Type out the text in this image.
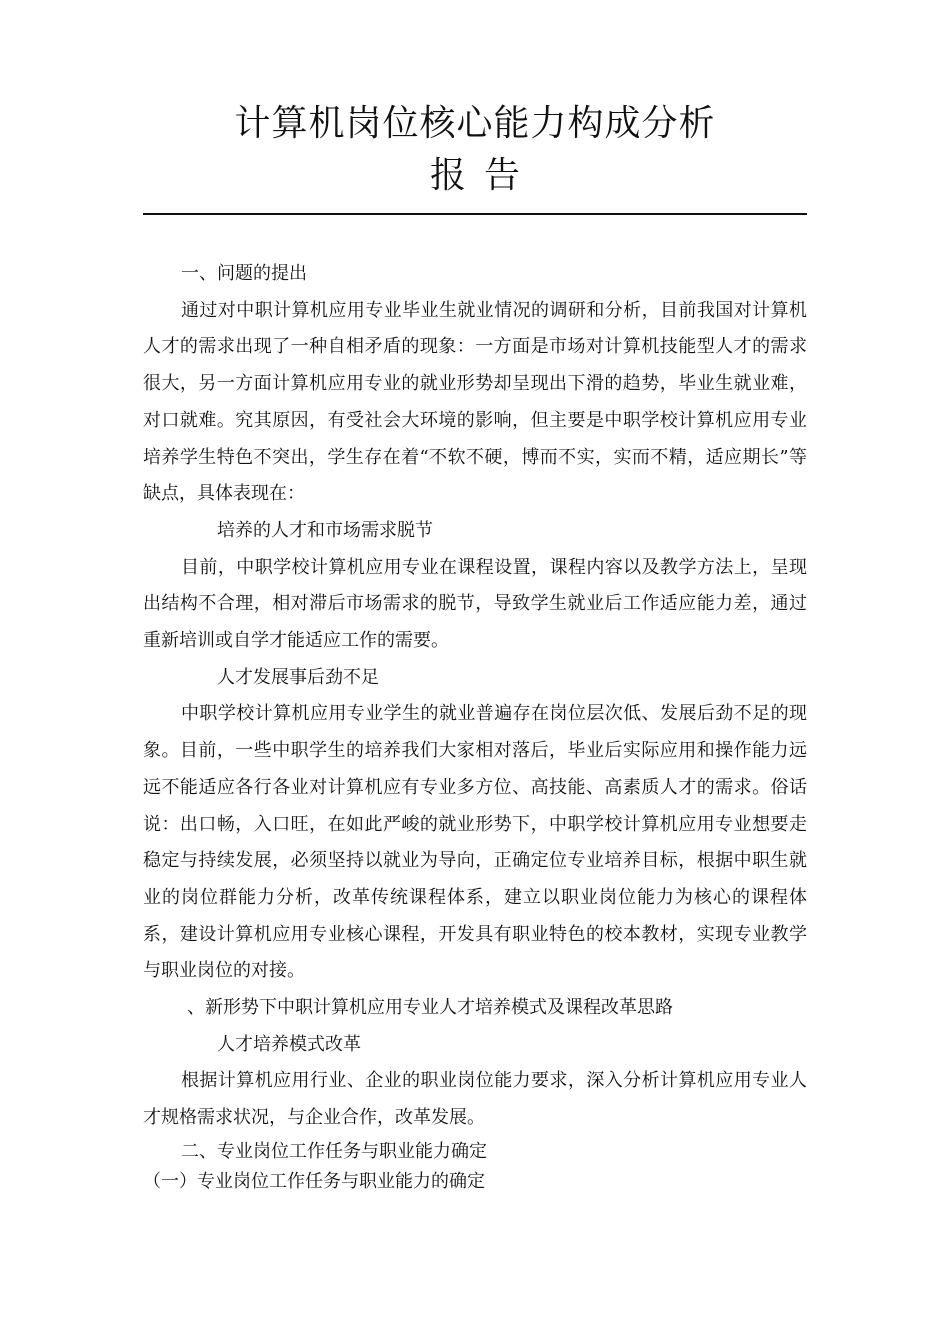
计算机岗位核心能力构成分析
报告

一、问题的提出

通过对中职计算机应用专业毕业生就业情况的调研和分析，目前我国对计算机人才的需求出现了一种自相矛盾的现象：一方面是市场对计算机技能型人才的需求很大，另一方面计算机应用专业的就业形势却呈现出下滑的趋势，毕业生就业难，对口就难。究其原因，有受社会大环境的影响，但主要是中职学校计算机应用专业培养学生特色不突出，学生存在着“不软不硬，博而不实，实而不精，适应期长”等缺点，具体表现在：

培养的人才和市场需求脱节

目前，中职学校计算机应用专业在课程设置，课程内容以及教学方法上，呈现出结构不合理，相对滞后市场需求的脱节，导致学生就业后工作适应能力差，通过重新培训或自学才能适应工作的需要。

人才发展事后劲不足

中职学校计算机应用专业学生的就业普遍存在岗位层次低、发展后劲不足的现象。目前，一些中职学生的培养我们大家相对落后，毕业后实际应用和操作能力远远不能适应各行各业对计算机应有专业多方位、高技能、高素质人才的需求。俗话说：出口畅，入口旺，在如此严峻的就业形势下，中职学校计算机应用专业想要走稳定与持续发展，必须坚持以就业为导向，正确定位专业培养目标，根据中职生就业的岗位群能力分析，改革传统课程体系，建立以职业岗位能力为核心的课程体系，建设计算机应用专业核心课程，开发具有职业特色的校本教材，实现专业教学与职业岗位的对接。

、新形势下中职计算机应用专业人才培养模式及课程改革思路

人才培养模式改革

根据计算机应用行业、企业的职业岗位能力要求，深入分析计算机应用专业人才规格需求状况，与企业合作，改革发展。

二、专业岗位工作任务与职业能力确定

（一）专业岗位工作任务与职业能力的确定
